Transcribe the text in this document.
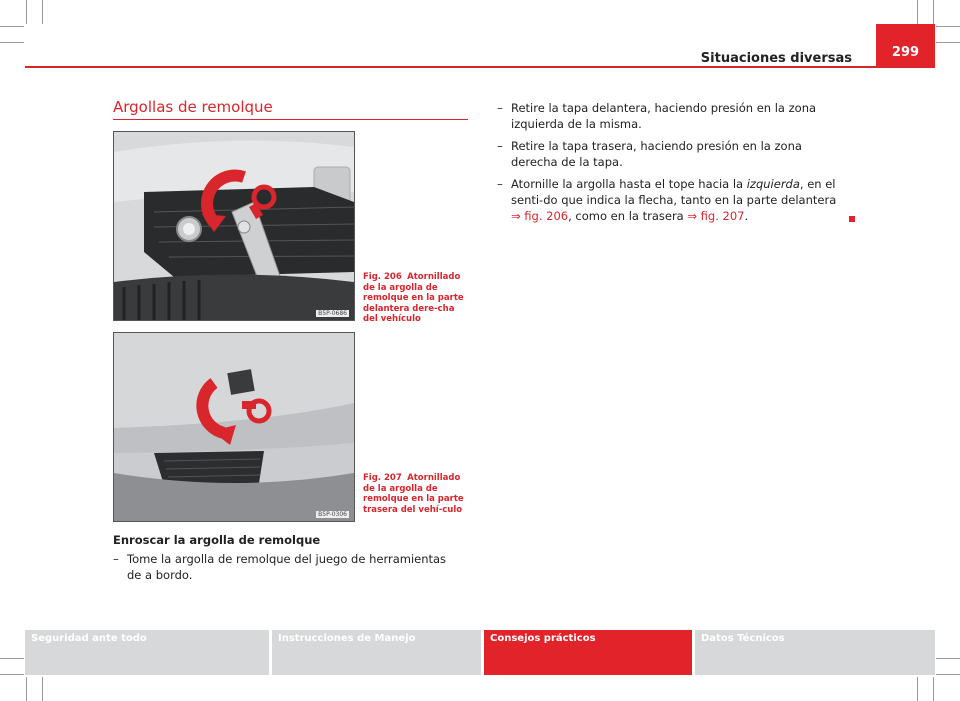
Situaciones diversas	299
Argollas de remolque
B5P-0686
Fig. 206 Atornillado de la argolla de remolque en la parte delantera dere-cha del vehículo
B5P-0306
Fig. 207 Atornillado de la argolla de remolque en la parte trasera del vehí-culo
Enroscar la argolla de remolque
– Tome la argolla de remolque del juego de herramientas de a bordo.
– Retire la tapa delantera, haciendo presión en la zona izquierda de la misma.
– Retire la tapa trasera, haciendo presión en la zona derecha de la tapa.
– Atornille la argolla hasta el tope hacia la izquierda, en el senti-do que indica la flecha, tanto en la parte delantera ⇒ fig. 206, como en la trasera ⇒ fig. 207.
Seguridad ante todo	Instrucciones de Manejo	Consejos prácticos	Datos Técnicos
